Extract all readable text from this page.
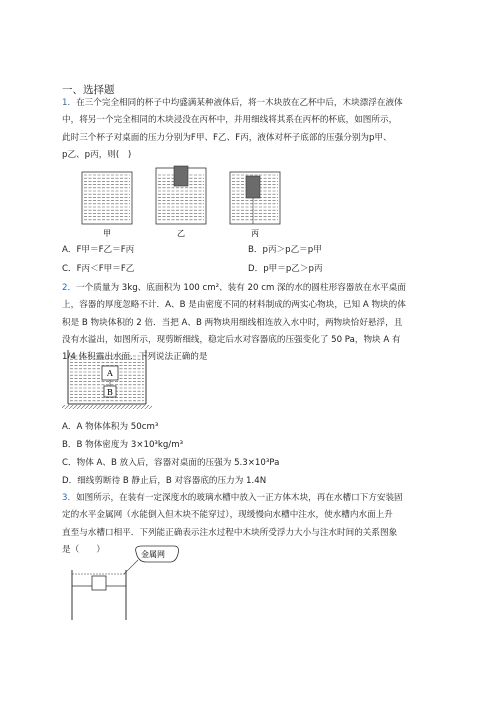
一、选择题
1．在三个完全相同的杯子中均盛满某种液体后，将一木块放在乙杯中后，木块漂浮在液体
中，将另一个完全相同的木块浸没在丙杯中，并用细线将其系在丙杯的杯底，如图所示，
此时三个杯子对桌面的压力分别为F甲、F乙、F丙，液体对杯子底部的压强分别为p甲、
p乙、p丙，则(　)
甲	乙	丙
A．F甲＝F乙＝F丙	B．p丙＞p乙＝p甲
C．F丙＜F甲＝F乙	D．p甲＝p乙＞p丙
2．一个质量为 3kg、底面积为 100 cm²、装有 20 cm 深的水的圆柱形容器放在水平桌面
上，容器的厚度忽略不计．A、B 是由密度不同的材料制成的两实心物块，已知 A 物块的体
积是 B 物块体积的 2 倍．当把 A、B 两物块用细线相连放入水中时，两物块恰好悬浮，且
没有水溢出，如图所示，现剪断细线，稳定后水对容器底的压强变化了 50 Pa，物块 A 有
1/4 体积露出水面．下列说法正确的是
A
B
A．A 物体体积为 50cm³
B．B 物体密度为 3×10³kg/m³
C．物体 A、B 放入后，容器对桌面的压强为 5.3×10³Pa
D．细线剪断待 B 静止后，B 对容器底的压力为 1.4N
3．如图所示，在装有一定深度水的玻璃水槽中放入一正方体木块，再在水槽口下方安装固
定的水平金属网（水能倒入但木块不能穿过），现缓慢向水槽中注水，使水槽内水面上升
直至与水槽口相平．下列能正确表示注水过程中木块所受浮力大小与注水时间的关系图象
是（　　）	金属网
